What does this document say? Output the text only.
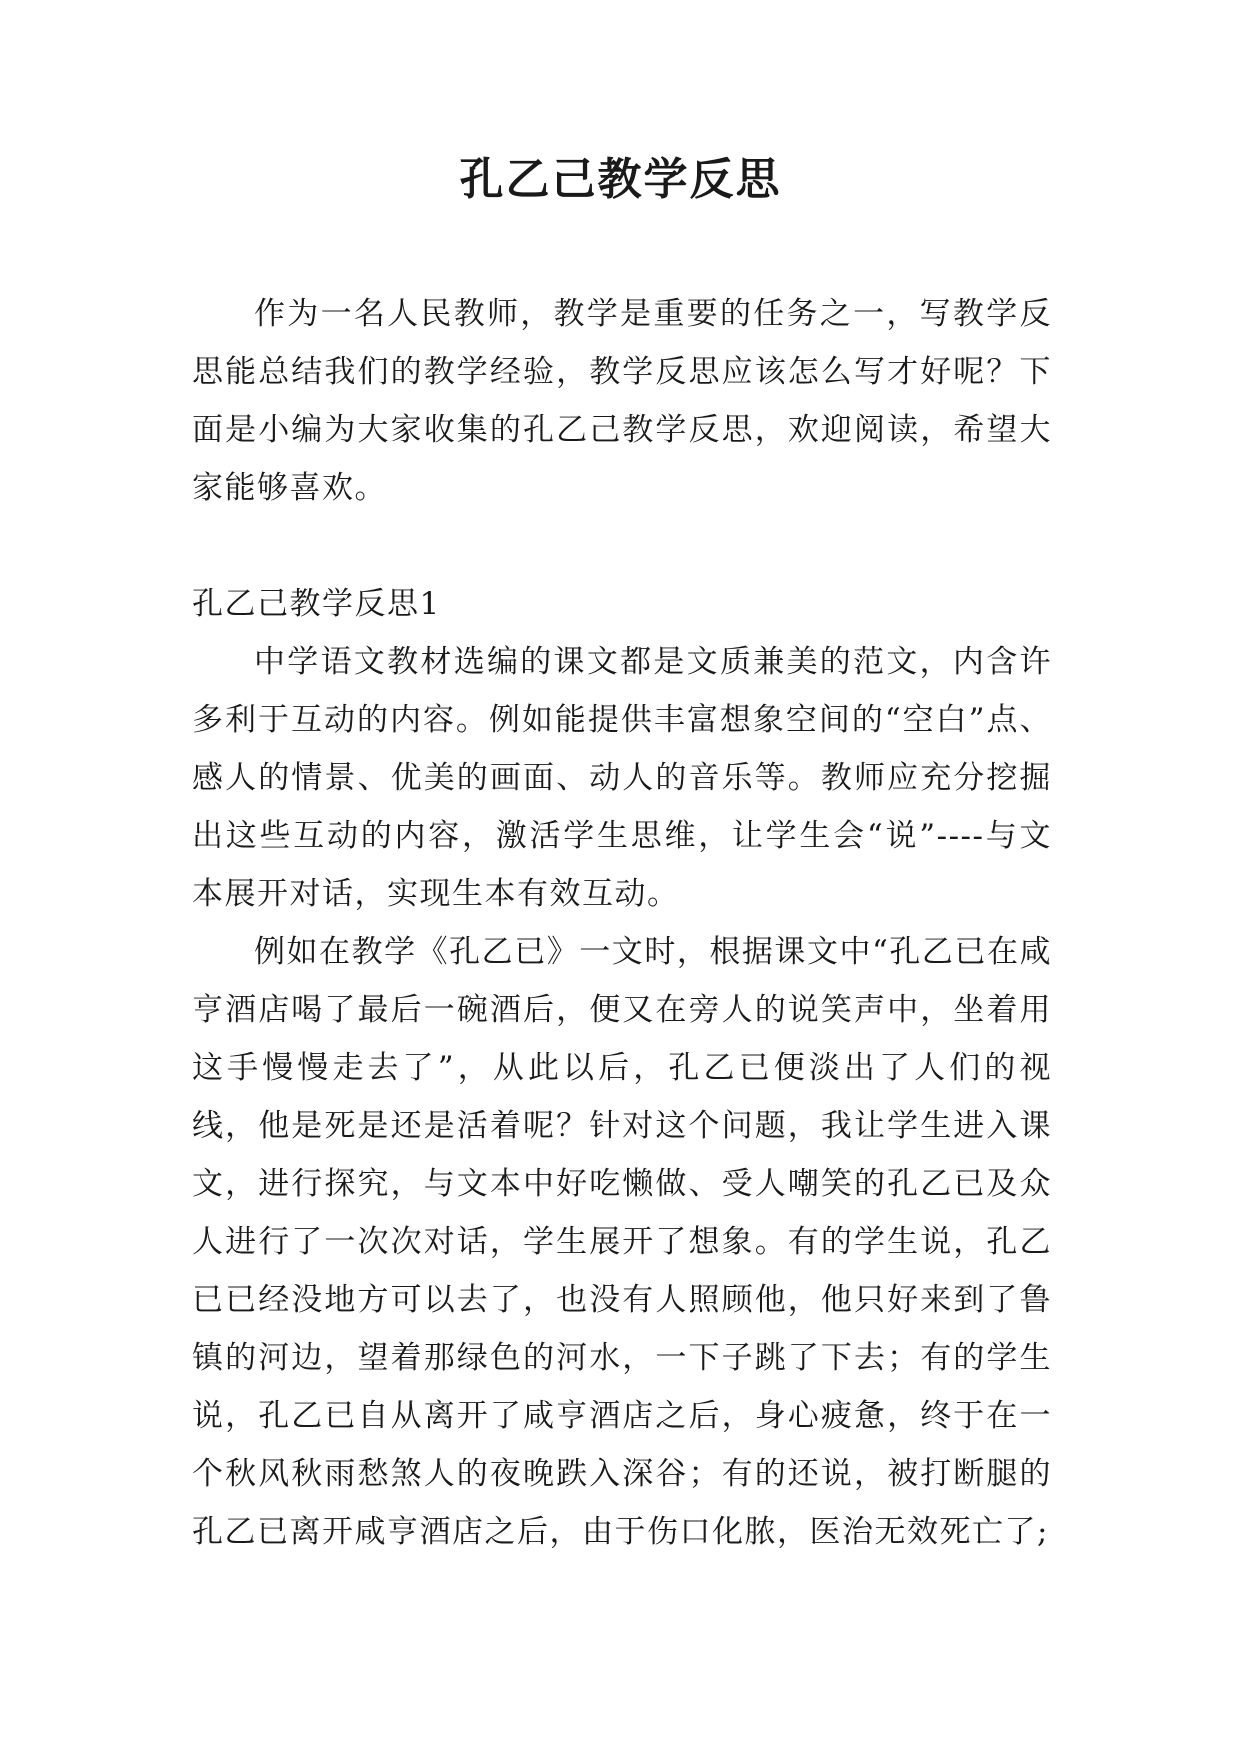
孔乙己教学反思

作为一名人民教师，教学是重要的任务之一，写教学反思能总结我们的教学经验，教学反思应该怎么写才好呢？下面是小编为大家收集的孔乙己教学反思，欢迎阅读，希望大家能够喜欢。

孔乙己教学反思1

中学语文教材选编的课文都是文质兼美的范文，内含许多利于互动的内容。例如能提供丰富想象空间的“空白”点、感人的情景、优美的画面、动人的音乐等。教师应充分挖掘出这些互动的内容，激活学生思维，让学生会“说”----与文本展开对话，实现生本有效互动。

例如在教学《孔乙已》一文时，根据课文中“孔乙已在咸亨酒店喝了最后一碗酒后，便又在旁人的说笑声中，坐着用这手慢慢走去了”，从此以后，孔乙已便淡出了人们的视线，他是死是还是活着呢？针对这个问题，我让学生进入课文，进行探究，与文本中好吃懒做、受人嘲笑的孔乙已及众人进行了一次次对话，学生展开了想象。有的学生说，孔乙已已经没地方可以去了，也没有人照顾他，他只好来到了鲁镇的河边，望着那绿色的河水，一下子跳了下去；有的学生说，孔乙已自从离开了咸亨酒店之后，身心疲惫，终于在一个秋风秋雨愁煞人的夜晚跌入深谷；有的还说，被打断腿的孔乙已离开咸亨酒店之后，由于伤口化脓，医治无效死亡了;
